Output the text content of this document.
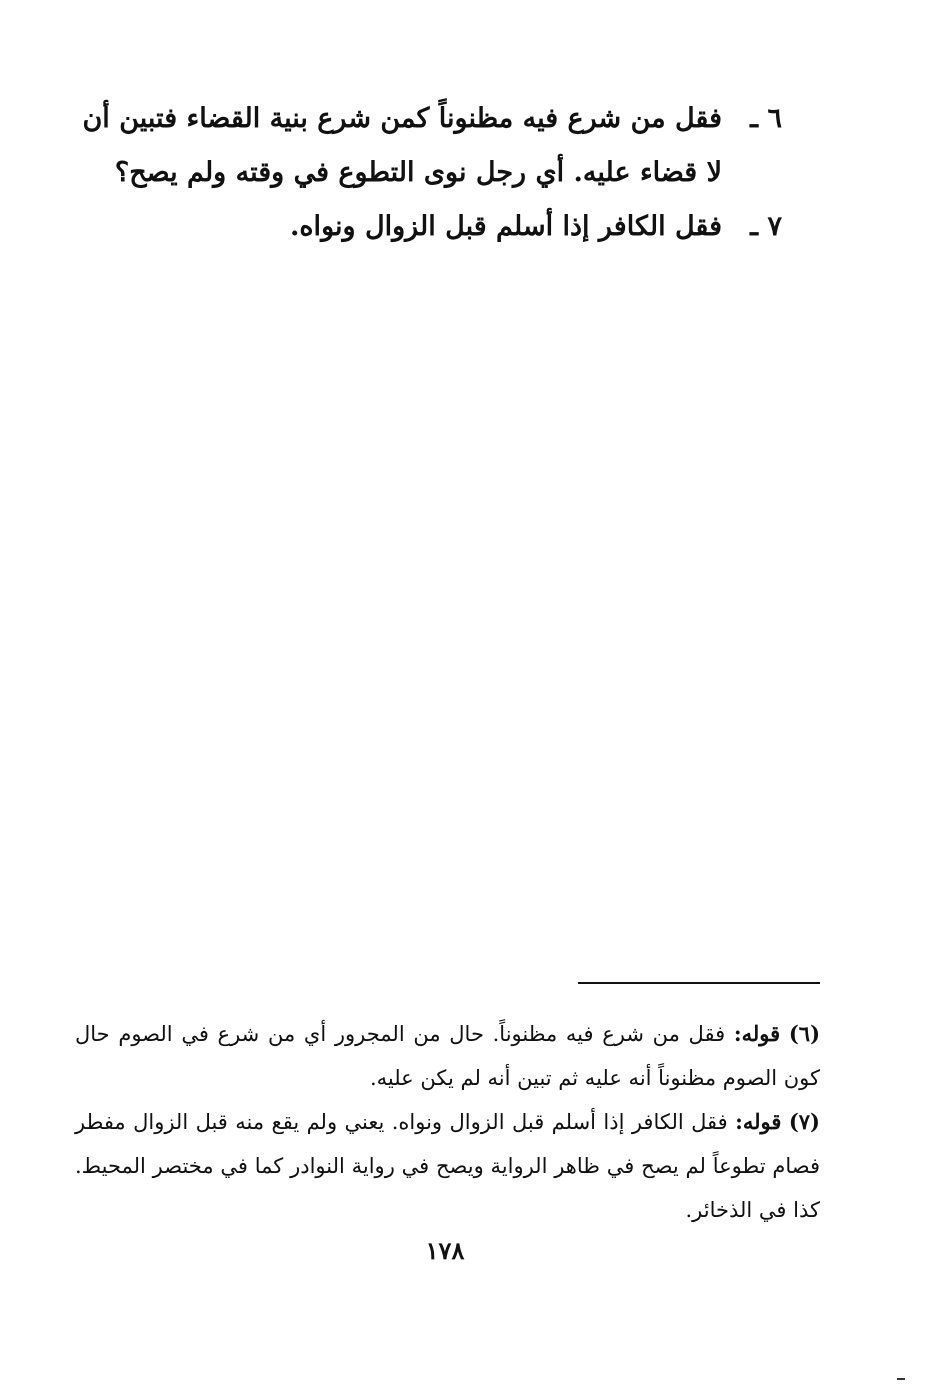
٦ ـ
فقل من شرع فيه مظنوناً كمن شرع بنية القضاء فتبين أن لا قضاء عليه. أي رجل نوى التطوع في وقته ولم يصح؟
٧ ـ
فقل الكافر إذا أسلم قبل الزوال ونواه.

(٦) قوله: فقل من شرع فيه مظنوناً. حال من المجرور أي من شرع في الصوم حال كون الصوم مظنوناً أنه عليه ثم تبين أنه لم يكن عليه.

(٧) قوله: فقل الكافر إذا أسلم قبل الزوال ونواه. يعني ولم يقع منه قبل الزوال مفطر فصام تطوعاً لم يصح في ظاهر الرواية ويصح في رواية النوادر كما في مختصر المحيط. كذا في الذخائر.

١٧٨
